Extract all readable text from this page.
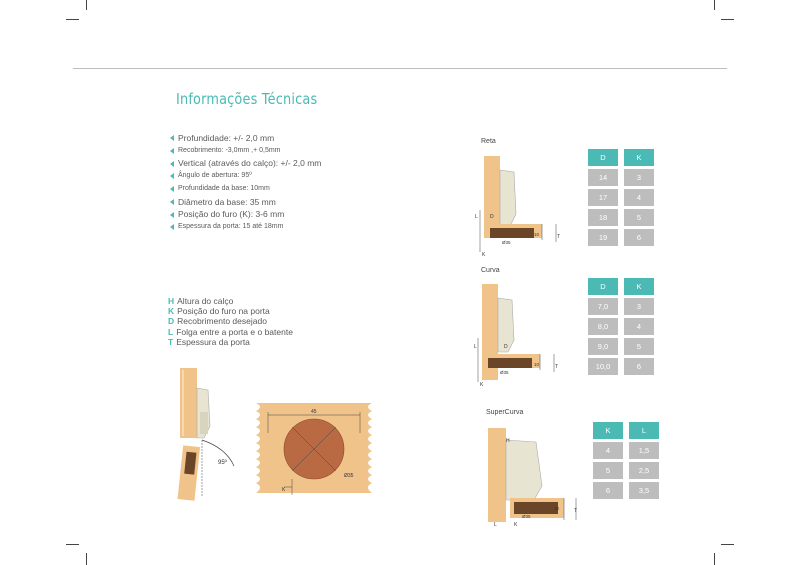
Informações Técnicas
Profundidade: +/- 2,0 mm
Recobrimento: -3,0mm ,+ 0,5mm
Vertical (através do calço): +/- 2,0 mm
Ângulo de abertura: 95º
Profundidade da base: 10mm
Diâmetro da base: 35 mm
Posição do furo (K): 3-6 mm
Espessura da porta: 15 até 18mm
H Altura do calço
K Posição do furo na porta
D Recobrimento desejado
L Folga entre a porta e o batente
T Espessura da porta
95º
45
Ø35
K
Reta
D
10	T
Ø35
L
K
D	K
14	3
17	4
18	5
19	6
Curva
D
10	T
Ø35
L
K
D	K
7,0	3
8,0	4
9,0	5
10,0	6
SuperCurva
H
10	T
Ø35
L	K
K	L
4	1,5
5	2,5
6	3,5
